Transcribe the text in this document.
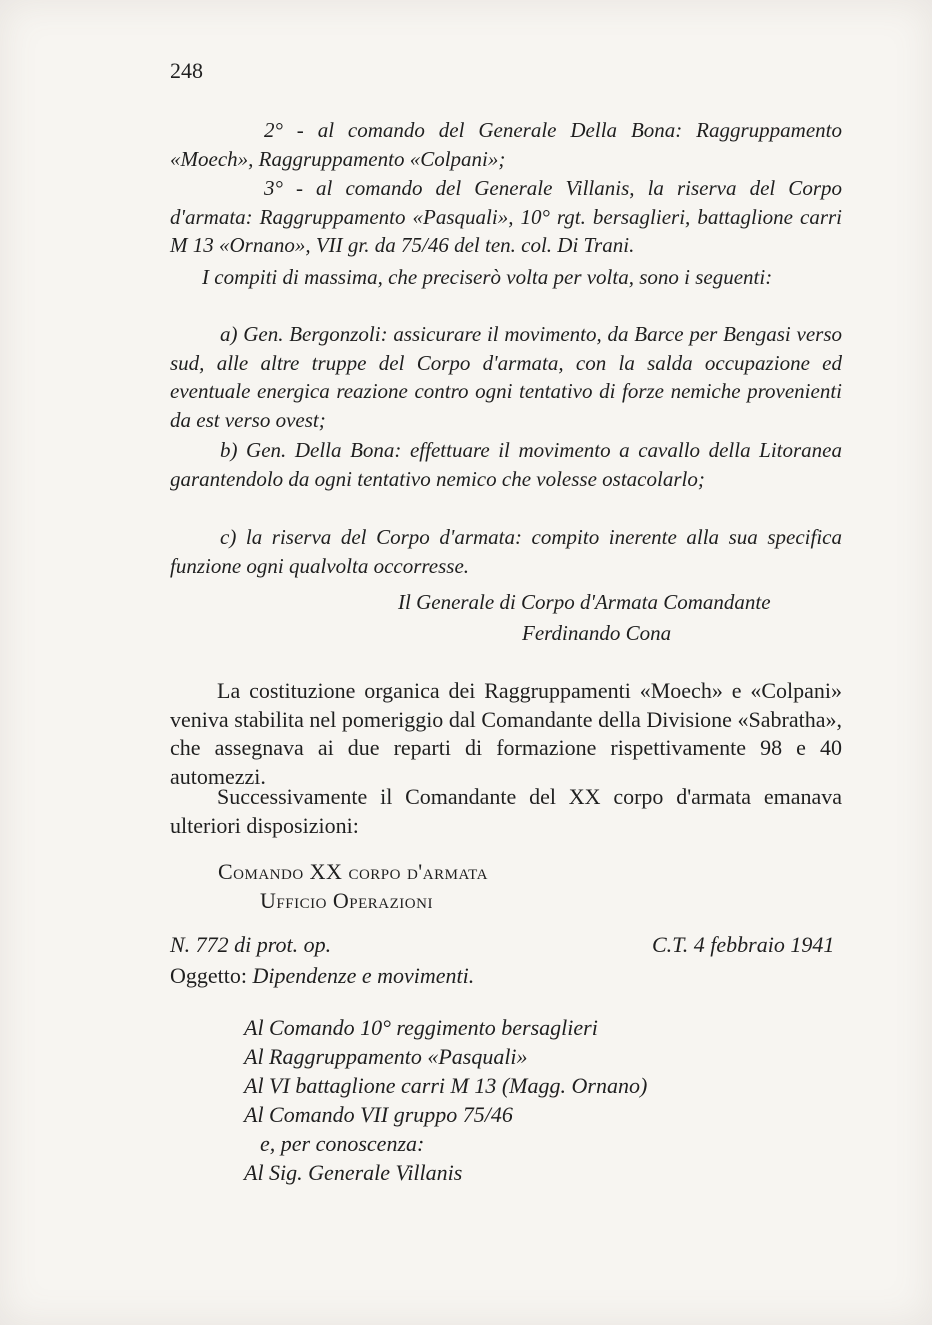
248

2° - al comando del Generale Della Bona: Raggruppamento «Moech», Raggruppamento «Colpani»;

3° - al comando del Generale Villanis, la riserva del Corpo d'armata: Raggruppamento «Pasquali», 10° rgt. bersaglieri, battaglione carri M 13 «Ornano», VII gr. da 75/46 del ten. col. Di Trani.

I compiti di massima, che preciserò volta per volta, sono i seguenti:

a) Gen. Bergonzoli: assicurare il movimento, da Barce per Bengasi verso sud, alle altre truppe del Corpo d'armata, con la salda occupazione ed eventuale energica reazione contro ogni tentativo di forze nemiche provenienti da est verso ovest;

b) Gen. Della Bona: effettuare il movimento a cavallo della Litoranea garantendolo da ogni tentativo nemico che volesse ostacolarlo;

c) la riserva del Corpo d'armata: compito inerente alla sua specifica funzione ogni qualvolta occorresse.

Il Generale di Corpo d'Armata Comandante
Ferdinando Cona

La costituzione organica dei Raggruppamenti «Moech» e «Colpani» veniva stabilita nel pomeriggio dal Comandante della Divisione «Sabratha», che assegnava ai due reparti di formazione rispettivamente 98 e 40 automezzi.

Successivamente il Comandante del XX corpo d'armata emanava ulteriori disposizioni:

Comando XX corpo d'armata
Ufficio Operazioni
N. 772 di prot. op.	C.T. 4 febbraio 1941
Oggetto: Dipendenze e movimenti.
Al Comando 10° reggimento bersaglieri
Al Raggruppamento «Pasquali»
Al VI battaglione carri M 13 (Magg. Ornano)
Al Comando VII gruppo 75/46
e, per conoscenza:
Al Sig. Generale Villanis
